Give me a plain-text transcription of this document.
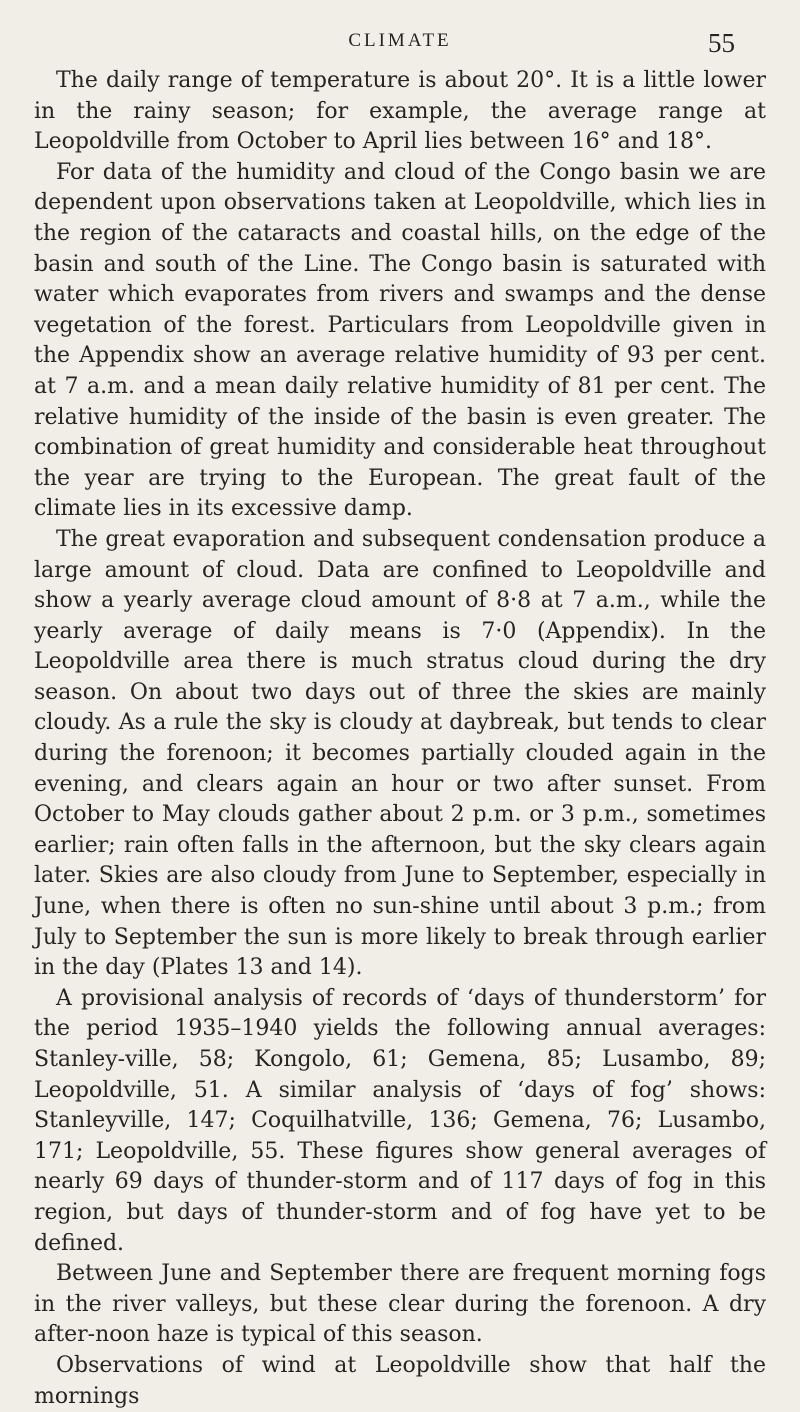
CLIMATE	55

The daily range of temperature is about 20°. It is a little lower in the rainy season; for example, the average range at Leopoldville from October to April lies between 16° and 18°.

For data of the humidity and cloud of the Congo basin we are dependent upon observations taken at Leopoldville, which lies in the region of the cataracts and coastal hills, on the edge of the basin and south of the Line. The Congo basin is saturated with water which evaporates from rivers and swamps and the dense vegetation of the forest. Particulars from Leopoldville given in the Appendix show an average relative humidity of 93 per cent. at 7 a.m. and a mean daily relative humidity of 81 per cent. The relative humidity of the inside of the basin is even greater. The combination of great humidity and considerable heat throughout the year are trying to the European. The great fault of the climate lies in its excessive damp.

The great evaporation and subsequent condensation produce a large amount of cloud. Data are confined to Leopoldville and show a yearly average cloud amount of 8·8 at 7 a.m., while the yearly average of daily means is 7·0 (Appendix). In the Leopoldville area there is much stratus cloud during the dry season. On about two days out of three the skies are mainly cloudy. As a rule the sky is cloudy at daybreak, but tends to clear during the forenoon; it becomes partially clouded again in the evening, and clears again an hour or two after sunset. From October to May clouds gather about 2 p.m. or 3 p.m., sometimes earlier; rain often falls in the afternoon, but the sky clears again later. Skies are also cloudy from June to September, especially in June, when there is often no sun-shine until about 3 p.m.; from July to September the sun is more likely to break through earlier in the day (Plates 13 and 14).

A provisional analysis of records of ‘days of thunderstorm’ for the period 1935–1940 yields the following annual averages: Stanley-ville, 58; Kongolo, 61; Gemena, 85; Lusambo, 89; Leopoldville, 51. A similar analysis of ‘days of fog’ shows: Stanleyville, 147; Coquilhatville, 136; Gemena, 76; Lusambo, 171; Leopoldville, 55. These figures show general averages of nearly 69 days of thunder-storm and of 117 days of fog in this region, but days of thunder-storm and of fog have yet to be defined.

Between June and September there are frequent morning fogs in the river valleys, but these clear during the forenoon. A dry after-noon haze is typical of this season.

Observations of wind at Leopoldville show that half the mornings
